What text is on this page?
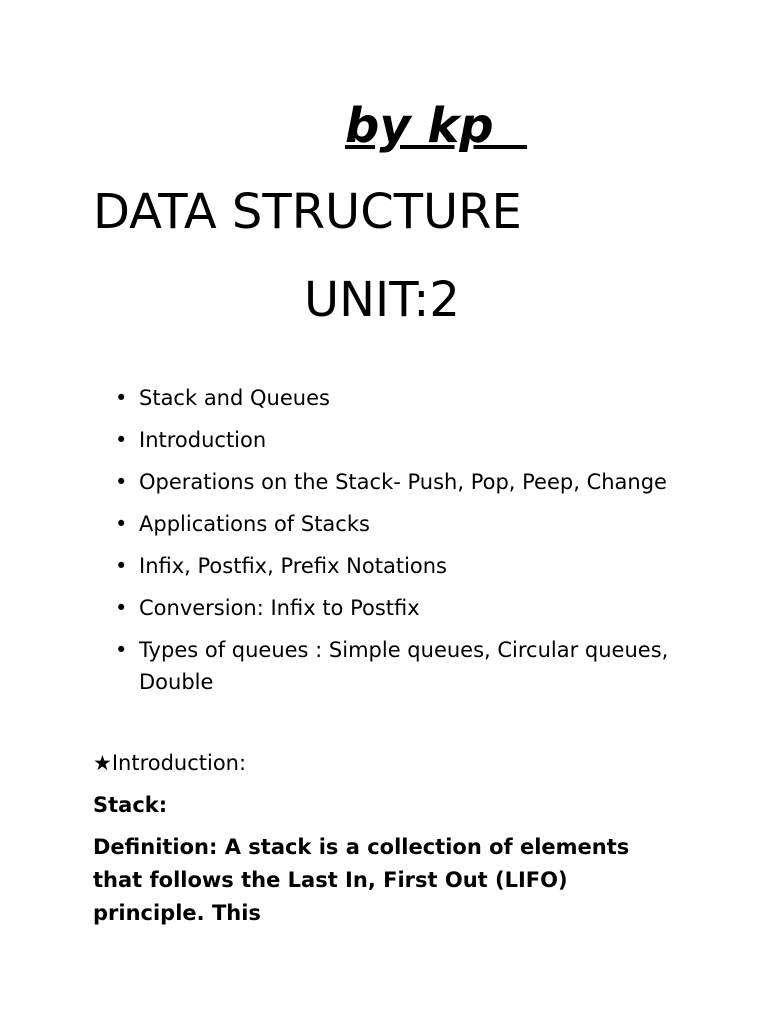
by kp
DATA STRUCTURE
UNIT:2
• Stack and Queues
• Introduction
• Operations on the Stack- Push, Pop, Peep, Change
• Applications of Stacks
• Infix, Postfix, Prefix Notations
• Conversion: Infix to Postfix
• Types of queues : Simple queues, Circular queues, Double
★Introduction:
Stack:
Definition: A stack is a collection of elements that follows the Last In, First Out (LIFO) principle. This
